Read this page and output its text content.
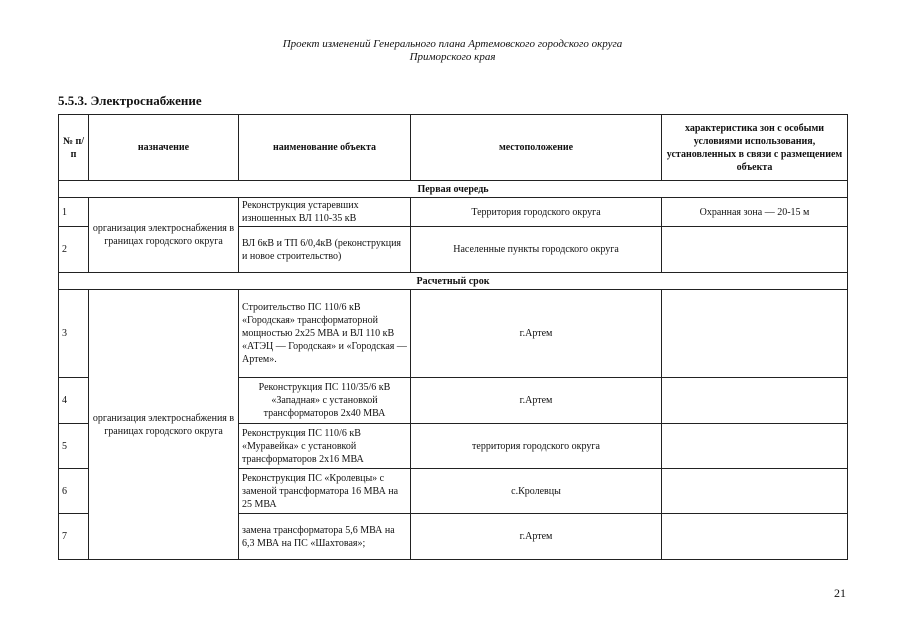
Проект изменений Генерального плана Артемовского городского округа
Приморского края
5.5.3. Электроснабжение
№ п/п	назначение	наименование объекта	местоположение	характеристика зон с особыми условиями использования, установленных в связи с размещением объекта
Первая очередь				
1	организация электроснабжения в границах городского округа	Реконструкция устаревших изношенных ВЛ 110-35 кВ	Территория городского округа	Охранная зона — 20-15 м
2		ВЛ 6кВ и ТП 6/0,4кВ (реконструкция и новое строительство)	Населенные пункты городского округа	
Расчетный срок				
3	организация электроснабжения в границах городского округа	Строительство ПС 110/6 кВ «Городская» трансформаторной мощностью 2х25 МВА и ВЛ 110 кВ «АТЭЦ — Городская» и «Городская — Артем».	г.Артем	
4		Реконструкция ПС 110/35/6 кВ «Западная» с установкой трансформаторов 2х40 МВА	г.Артем	
5		Реконструкция ПС 110/6 кВ «Муравейка» с установкой трансформаторов 2х16 МВА	территория городского округа	
6		Реконструкция ПС «Кролевцы» с заменой трансформатора 16 МВА на 25 МВА	с.Кролевцы	
7		замена трансформатора 5,6 МВА на 6,3 МВА на ПС «Шахтовая»;	г.Артем	
21
